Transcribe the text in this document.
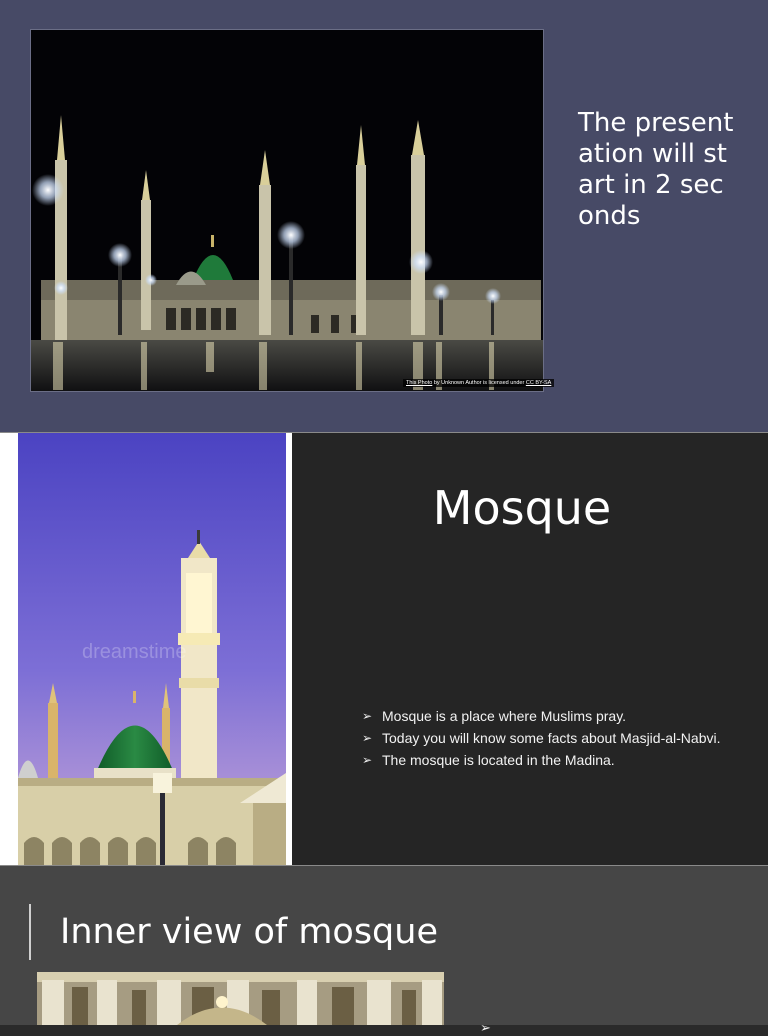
This Photo by Unknown Author is licensed under CC BY-SA
The presentation will start in 2 seconds
dreamstime
Mosque
➢ Mosque is a place where Muslims pray.
➢ Today you will know some facts about Masjid-al-Nabvi.
➢ The mosque is located in the Madina.
Inner view of mosque
➢
